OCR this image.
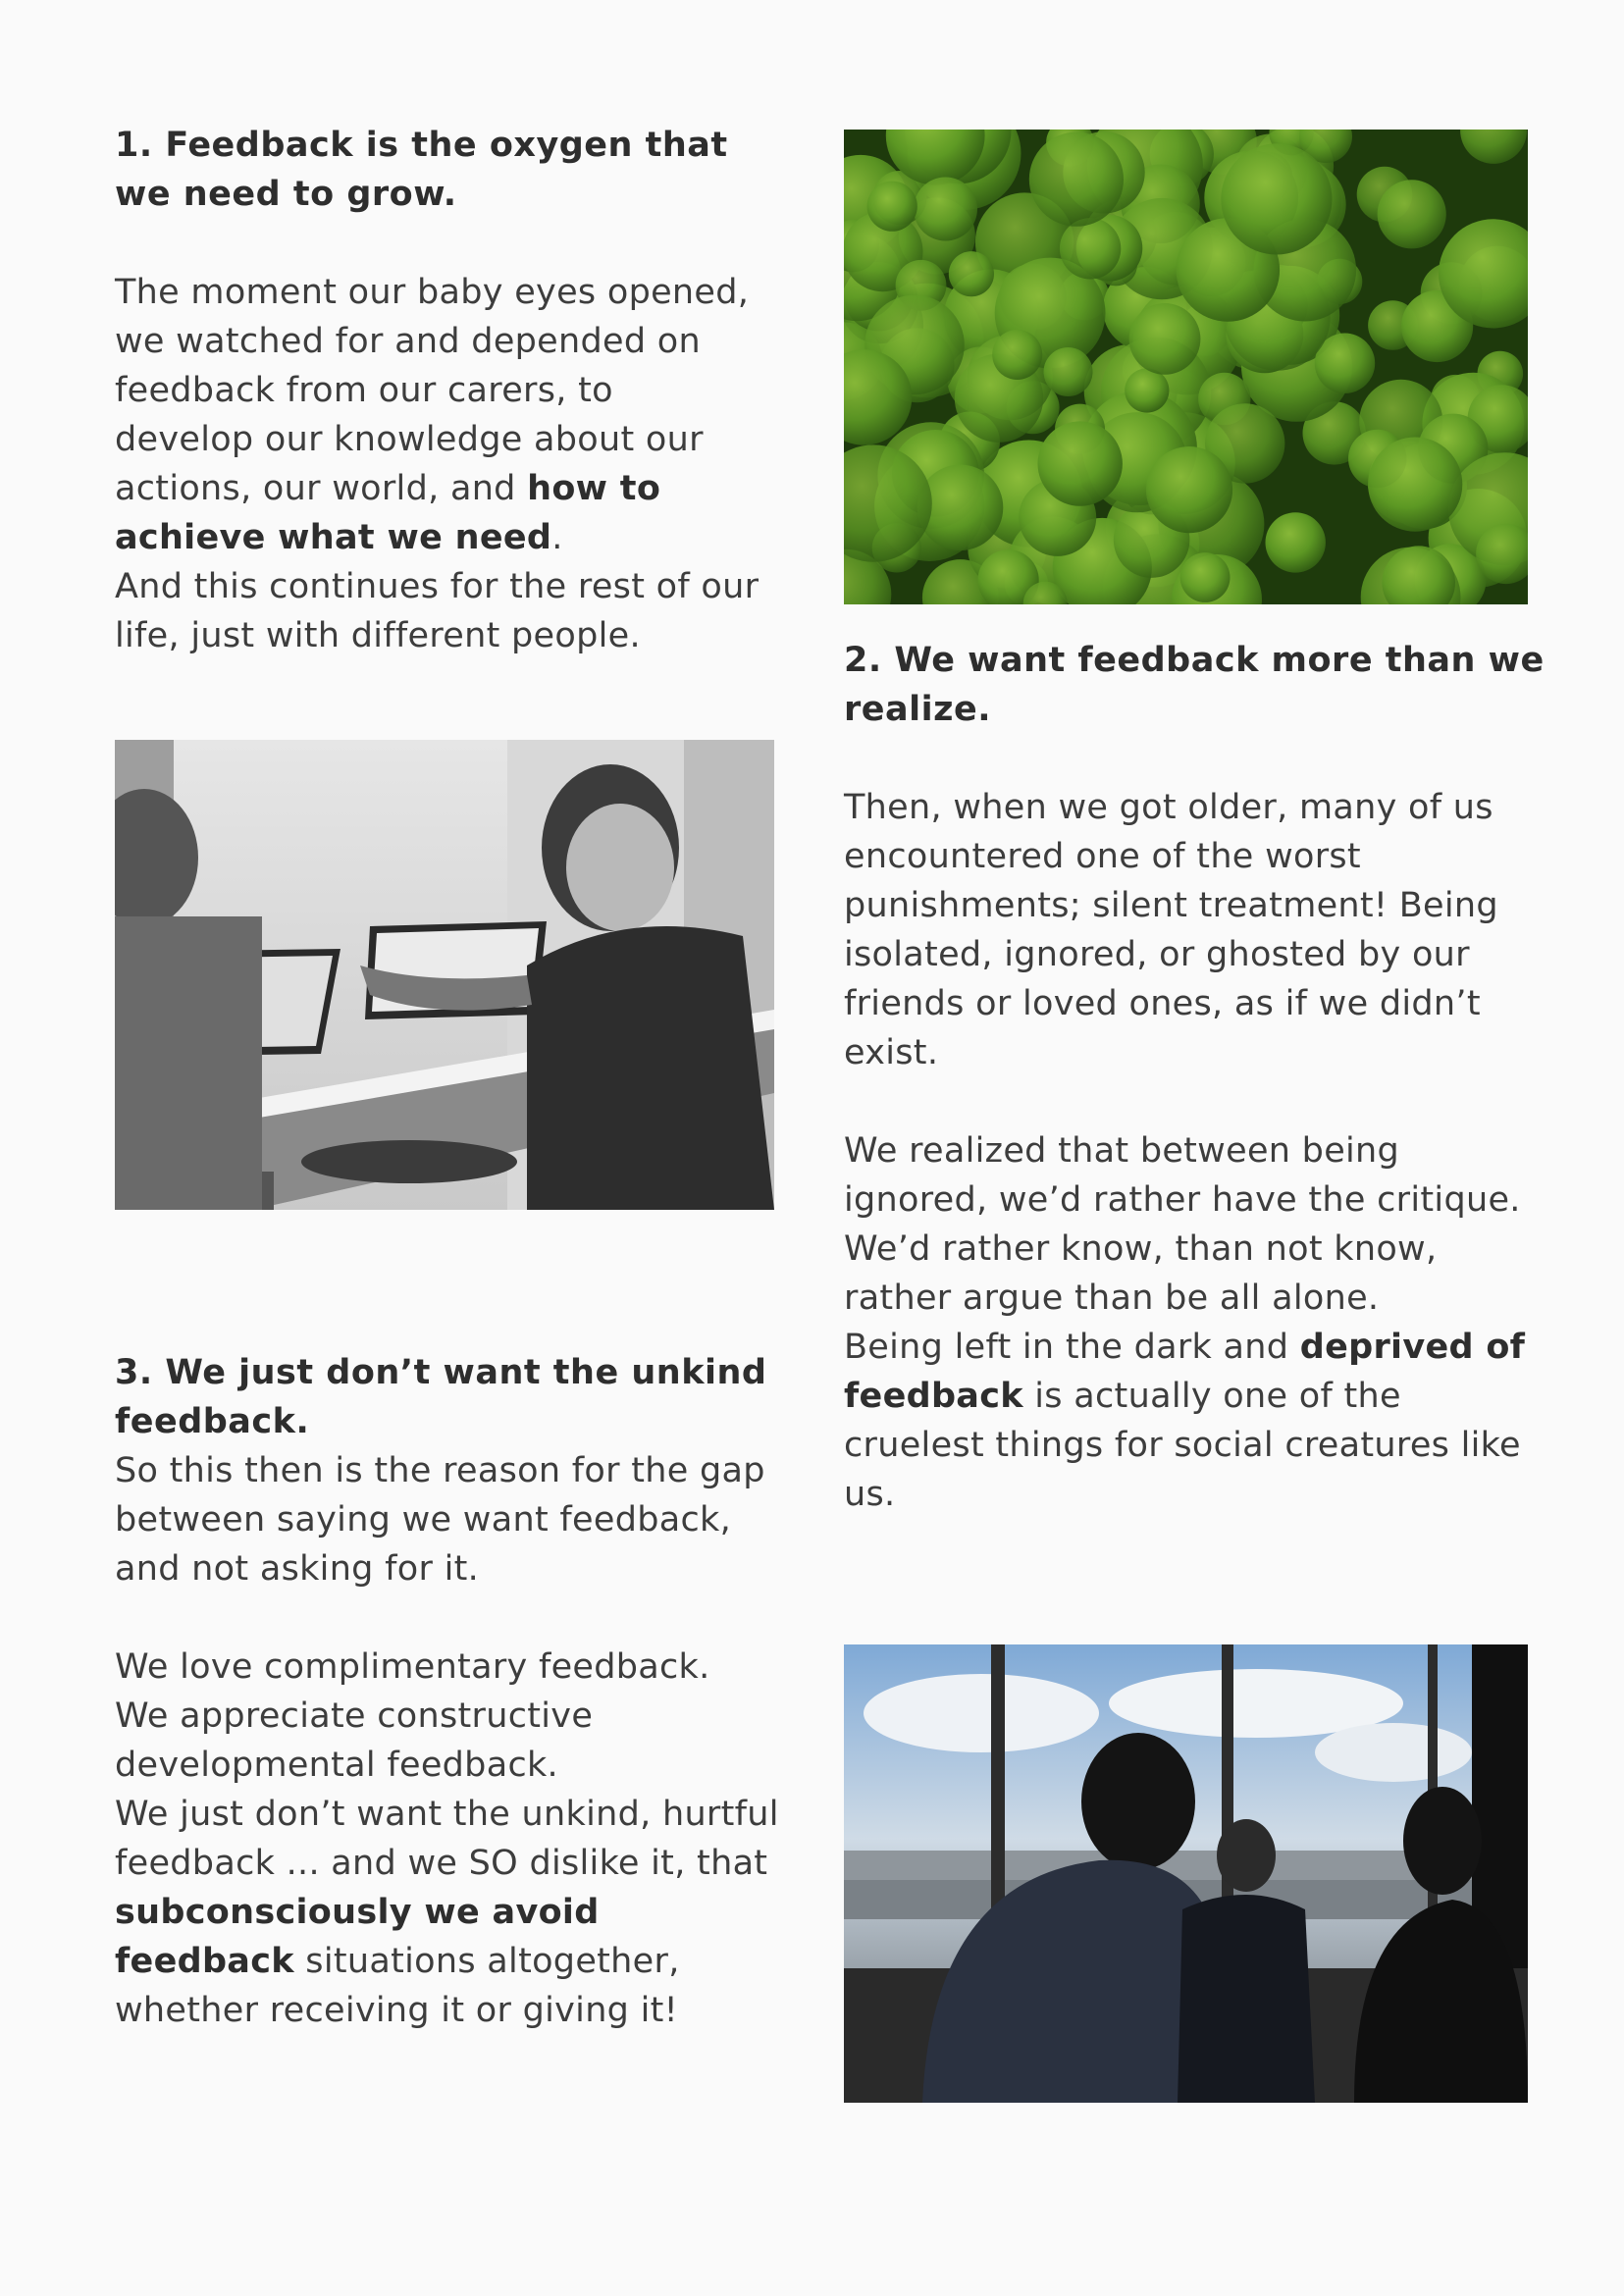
1. Feedback is the oxygen that we need to grow.

The moment our baby eyes opened, we watched for and depended on feedback from our carers, to develop our knowledge about our actions, our world, and how to achieve what we need.

And this continues for the rest of our life, just with different people.

2. We want feedback more than we realize.

Then, when we got older, many of us encountered one of the worst punishments; silent treatment! Being isolated, ignored, or ghosted by our friends or loved ones, as if we didn’t exist.

We realized that between being ignored, we’d rather have the critique. We’d rather know, than not know, rather argue than be all alone.

Being left in the dark and deprived of feedback is actually one of the cruelest things for social creatures like us.

3. We just don’t want the unkind feedback.

So this then is the reason for the gap between saying we want feedback, and not asking for it.

We love complimentary feedback.

We appreciate constructive developmental feedback.

We just don’t want the unkind, hurtful feedback ... and we SO dislike it, that subconsciously we avoid feedback situations altogether, whether receiving it or giving it!
